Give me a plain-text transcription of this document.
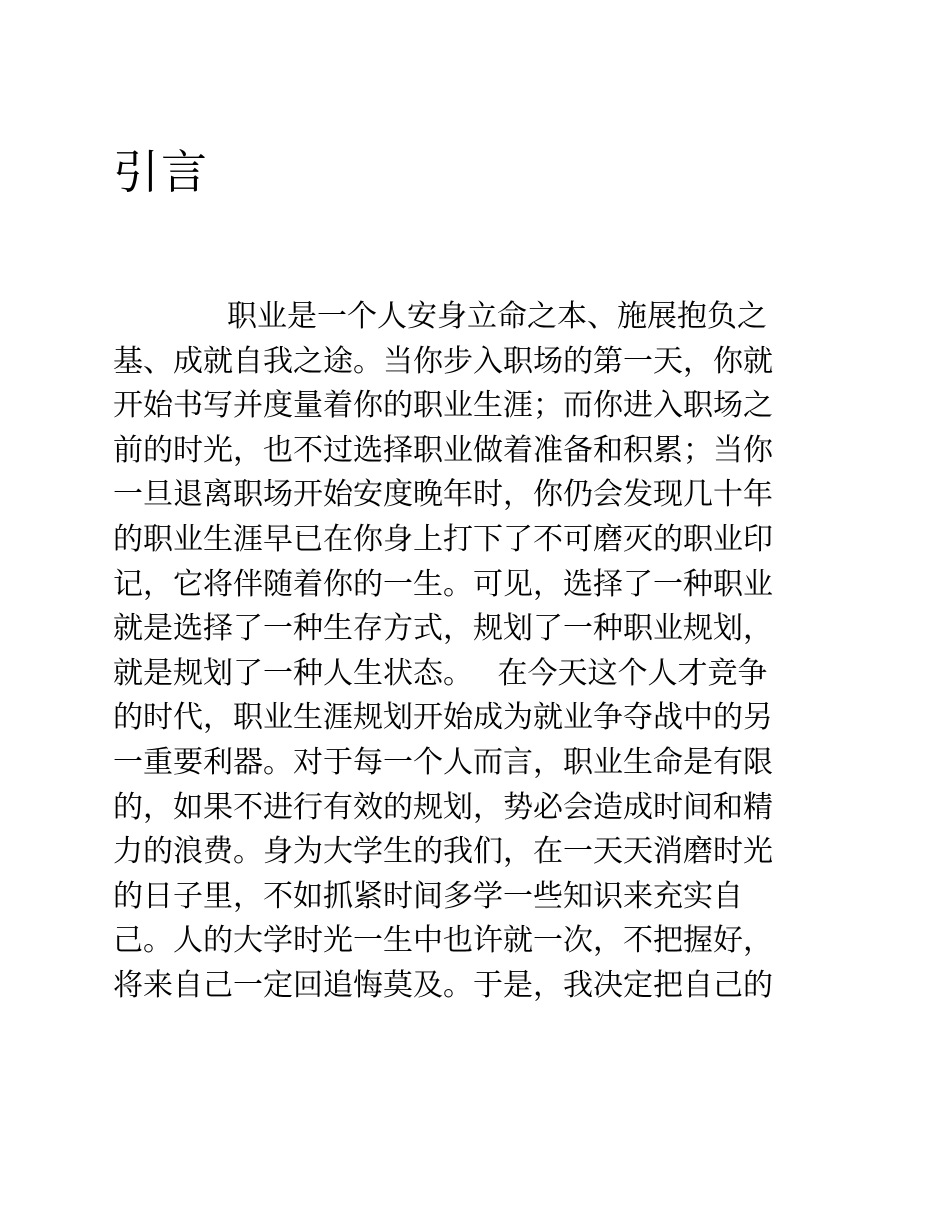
引言
职业是一个人安身立命之本、施展抱负之
基、成就自我之途。当你步入职场的第一天，你就
开始书写并度量着你的职业生涯；而你进入职场之
前的时光，也不过选择职业做着准备和积累；当你
一旦退离职场开始安度晚年时，你仍会发现几十年
的职业生涯早已在你身上打下了不可磨灭的职业印
记，它将伴随着你的一生。可见，选择了一种职业
就是选择了一种生存方式，规划了一种职业规划，
就是规划了一种人生状态。　 在今天这个人才竞争
的时代，职业生涯规划开始成为就业争夺战中的另
一重要利器。对于每一个人而言，职业生命是有限
的，如果不进行有效的规划，势必会造成时间和精
力的浪费。身为大学生的我们，在一天天消磨时光
的日子里，不如抓紧时间多学一些知识来充实自
己。人的大学时光一生中也许就一次，不把握好，
将来自己一定回追悔莫及。于是，我决定把自己的
